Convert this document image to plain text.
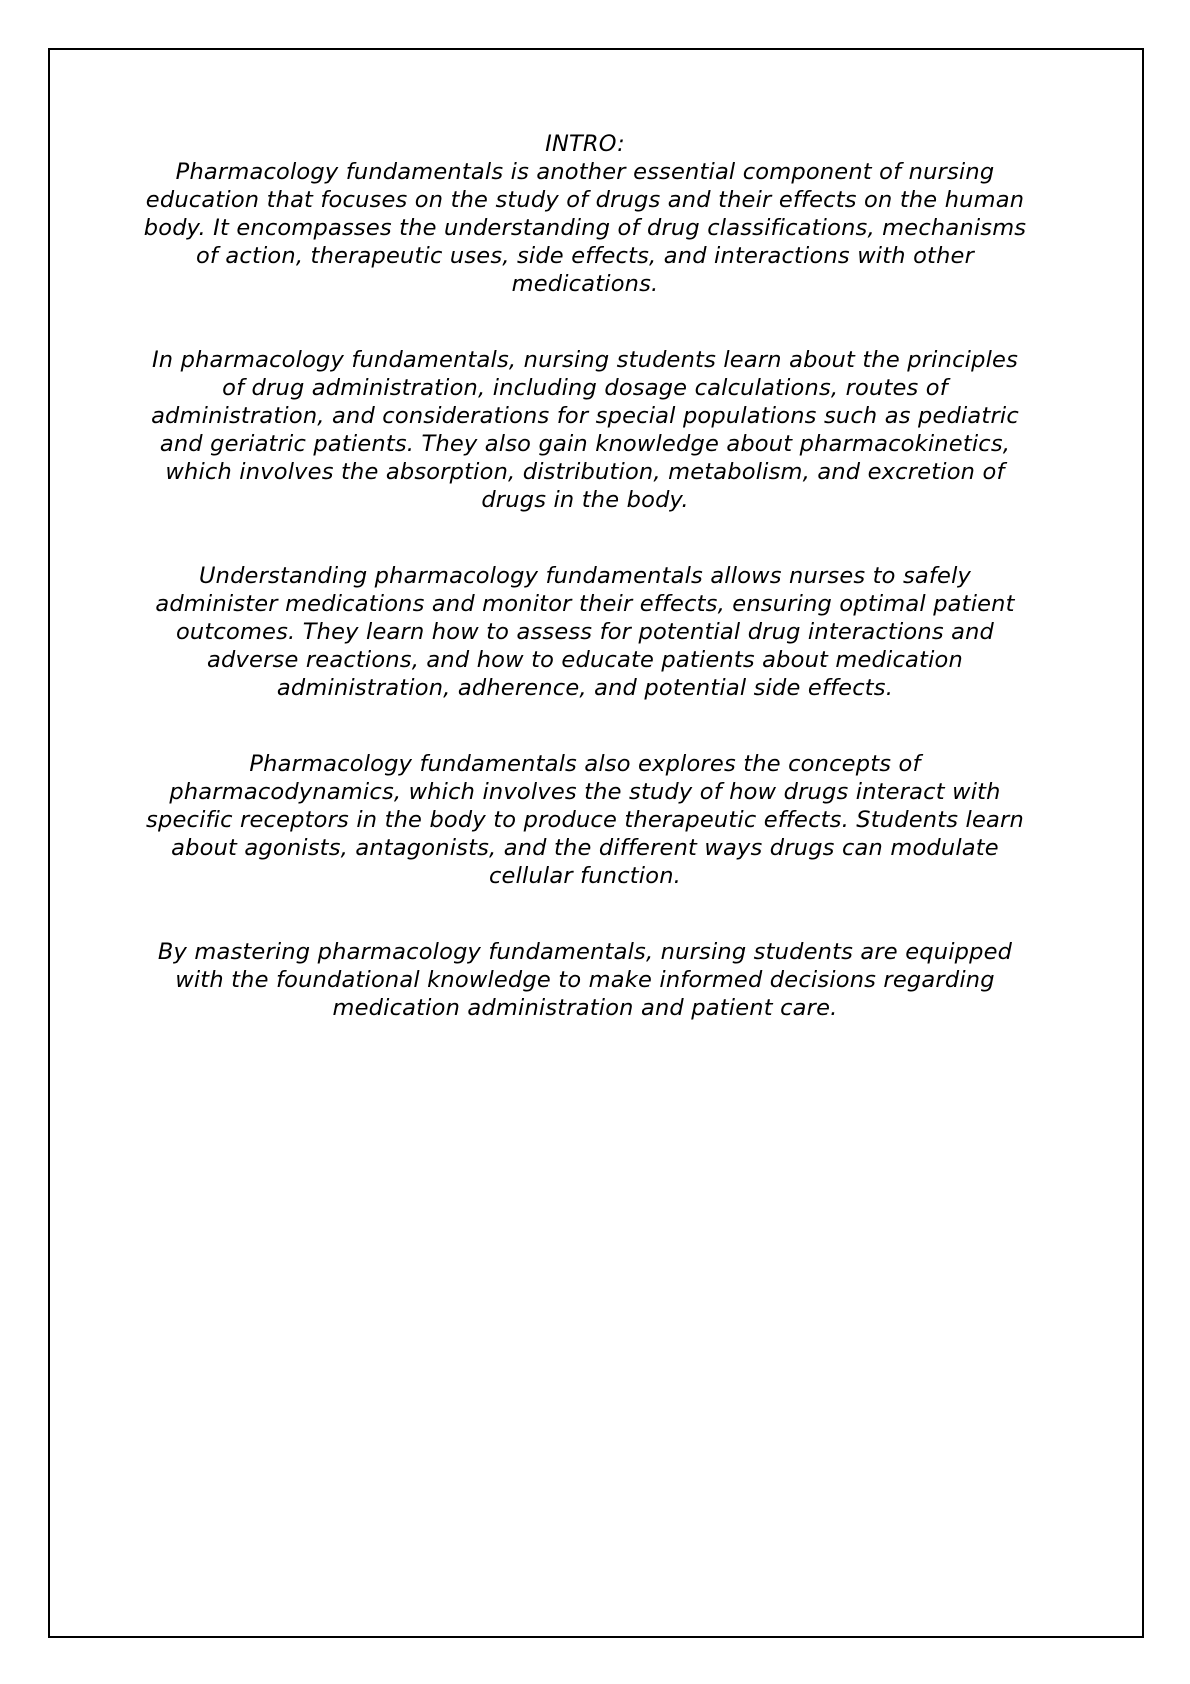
INTRO:

Pharmacology fundamentals is another essential component of nursing education that focuses on the study of drugs and their effects on the human body. It encompasses the understanding of drug classifications, mechanisms of action, therapeutic uses, side effects, and interactions with other medications.

In pharmacology fundamentals, nursing students learn about the principles of drug administration, including dosage calculations, routes of administration, and considerations for special populations such as pediatric and geriatric patients. They also gain knowledge about pharmacokinetics, which involves the absorption, distribution, metabolism, and excretion of drugs in the body.

Understanding pharmacology fundamentals allows nurses to safely administer medications and monitor their effects, ensuring optimal patient outcomes. They learn how to assess for potential drug interactions and adverse reactions, and how to educate patients about medication administration, adherence, and potential side effects.

Pharmacology fundamentals also explores the concepts of pharmacodynamics, which involves the study of how drugs interact with specific receptors in the body to produce therapeutic effects. Students learn about agonists, antagonists, and the different ways drugs can modulate cellular function.

By mastering pharmacology fundamentals, nursing students are equipped with the foundational knowledge to make informed decisions regarding medication administration and patient care.
